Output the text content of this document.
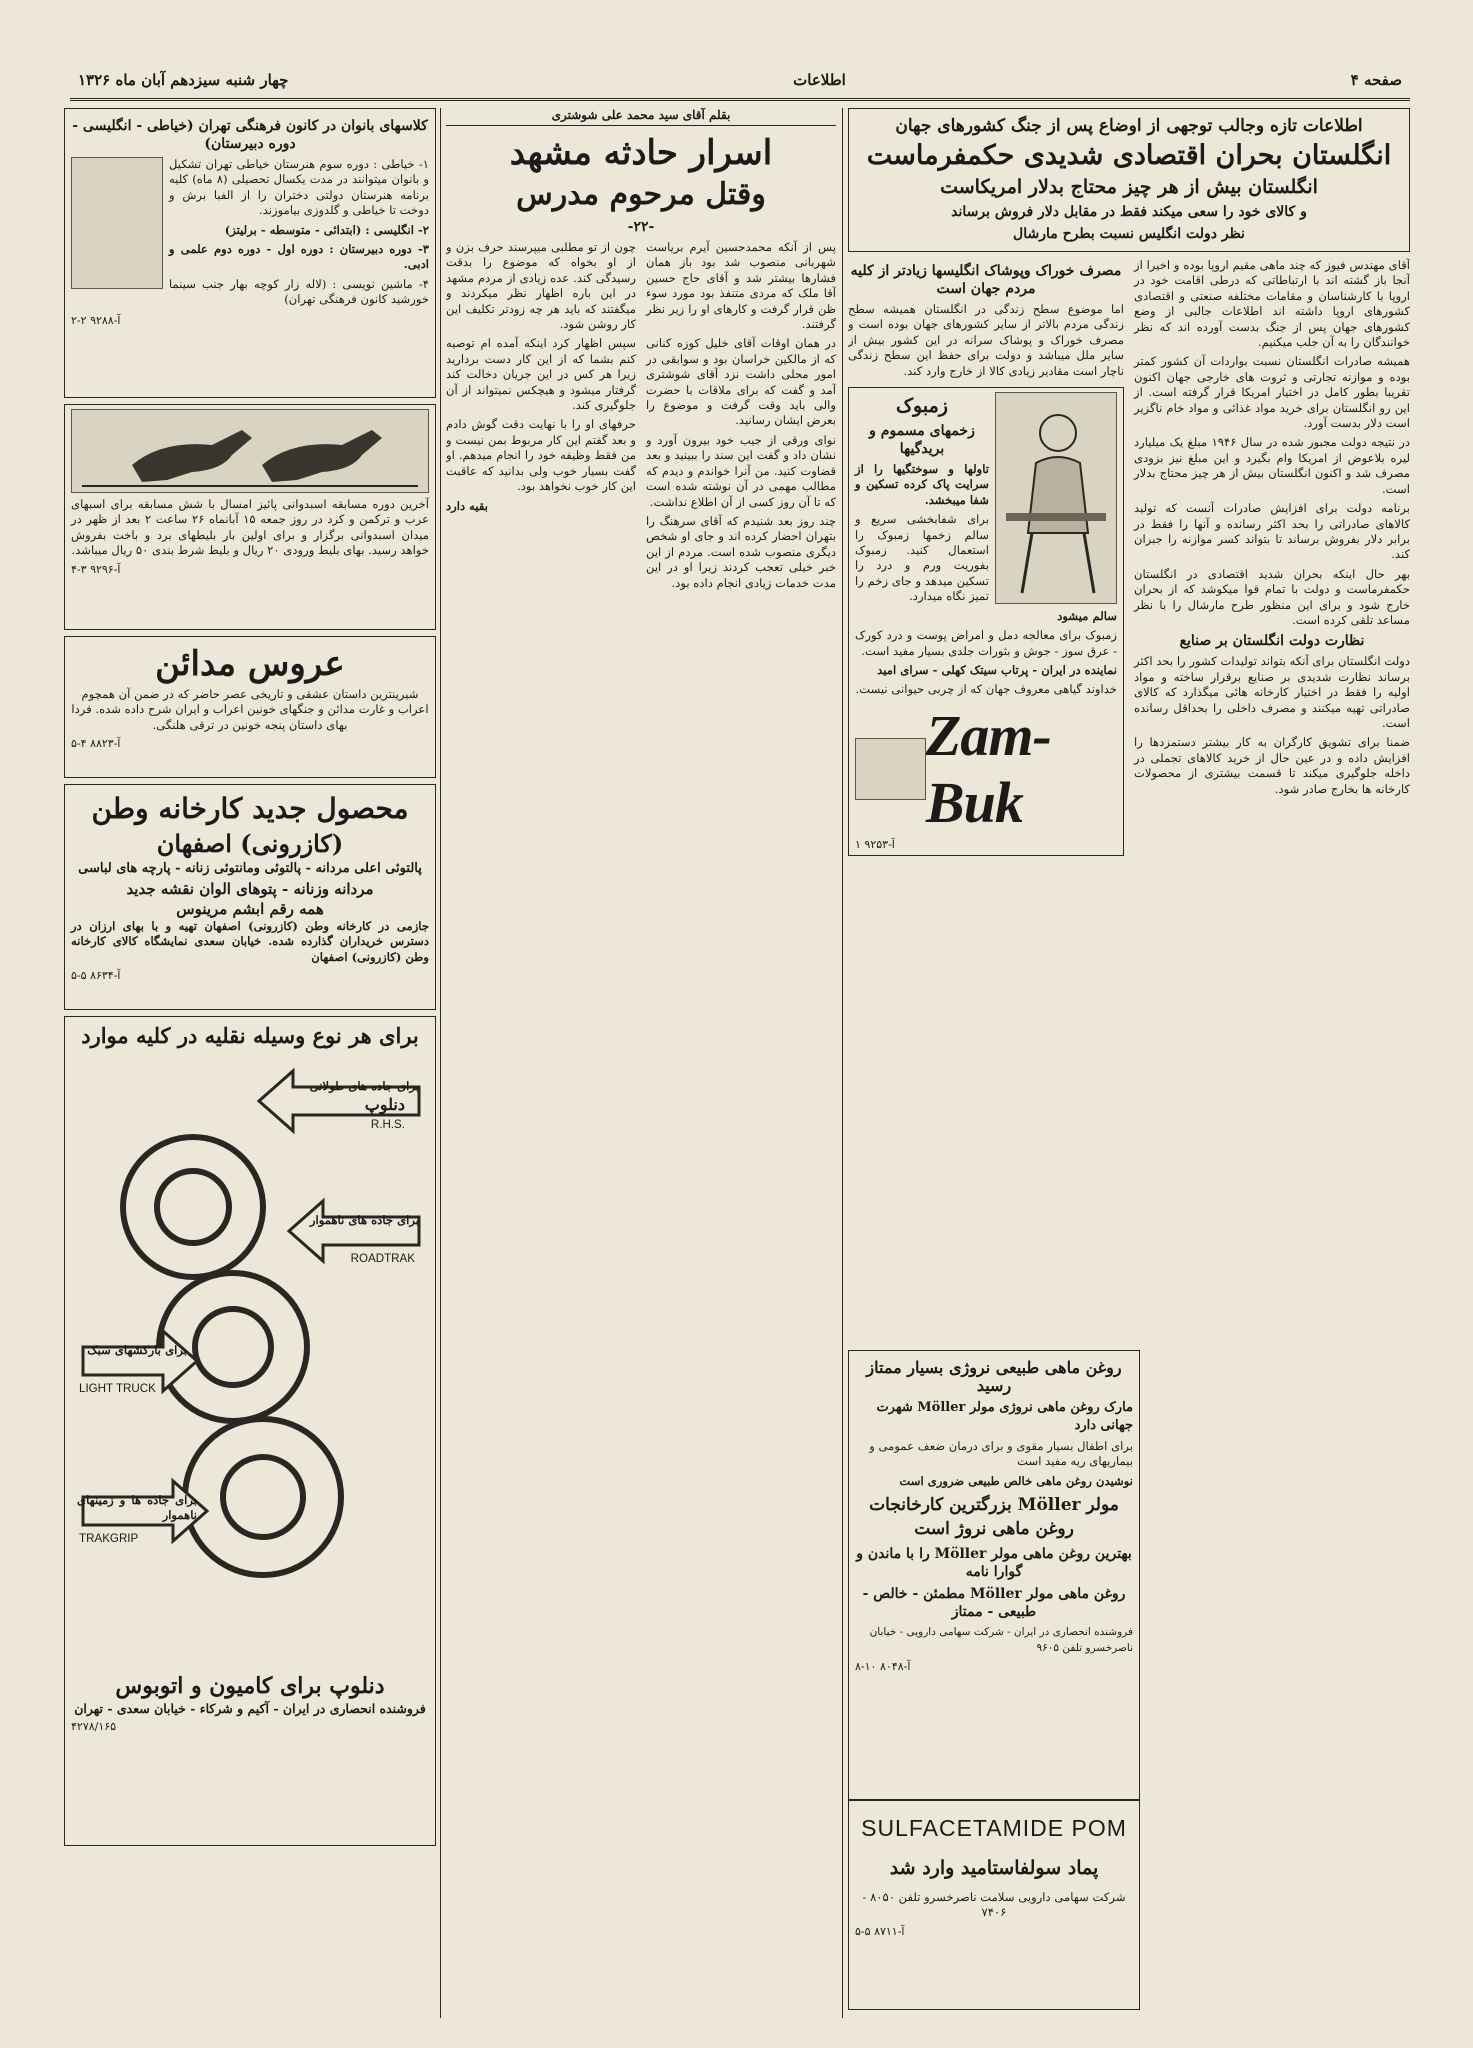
صفحه ۴
اطلاعات
چهار شنبه سیزدهم آبان ماه ۱۳۲۶
اطلاعات تازه وجالب توجهی از اوضاع پس از جنگ کشورهای جهان
انگلستان بحران اقتصادی شدیدی حکمفرماست
انگلستان بیش از هر چیز محتاج بدلار امریکاست
و کالای خود را سعی میکند فقط در مقابل دلار فروش برساند
نظر دولت انگلیس نسبت بطرح مارشال

آقای مهندس فیوز که چند ماهی مقیم اروپا بوده و اخیرا از آنجا باز گشته اند با ارتباطاتی که درطی اقامت خود در اروپا با کارشناسان و مقامات مختلفه صنعتی و اقتصادی کشورهای اروپا داشته اند اطلاعات جالبی از وضع کشورهای جهان پس از جنگ بدست آورده اند که نظر خوانندگان را به آن جلب میکنیم.

همیشه صادرات انگلستان نسبت بواردات آن کشور کمتر بوده و موازنه تجارتی و ثروت های خارجی جهان اکنون تقریبا بطور کامل در اختیار امریکا قرار گرفته است. از این رو انگلستان برای خرید مواد غذائی و مواد خام ناگزیر است دلار بدست آورد.

در نتیجه دولت مجبور شده در سال ۱۹۴۶ مبلغ یک میلیارد لیره بلاعوض از امریکا وام بگیرد و این مبلغ نیز بزودی مصرف شد و اکنون انگلستان بیش از هر چیز محتاج بدلار است.

برنامه دولت برای افزایش صادرات آنست که تولید کالاهای صادراتی را بحد اکثر رسانده و آنها را فقط در برابر دلار بفروش برساند تا بتواند کسر موازنه را جبران کند.

بهر حال اینکه بحران شدید اقتصادی در انگلستان حکمفرماست و دولت با تمام قوا میکوشد که از بحران خارج شود و برای این منظور طرح مارشال را با نظر مساعد تلقی کرده است.

نظارت دولت انگلستان بر صنایع

دولت انگلستان برای آنکه بتواند تولیدات کشور را بحد اکثر برساند نظارت شدیدی بر صنایع برقرار ساخته و مواد اولیه را فقط در اختیار کارخانه هائی میگذارد که کالای صادراتی تهیه میکنند و مصرف داخلی را بحداقل رسانده است.

ضمنا برای تشویق کارگران به کار بیشتر دستمزدها را افزایش داده و در عین حال از خرید کالاهای تجملی در داخله جلوگیری میکند تا قسمت بیشتری از محصولات کارخانه ها بخارج صادر شود.

مصرف خوراک وپوشاک انگلیسها زیادتر از کلیه مردم جهان است

اما موضوع سطح زندگی در انگلستان همیشه سطح زندگی مردم بالاتر از سایر کشورهای جهان بوده است و مصرف خوراک و پوشاک سرانه در این کشور بیش از سایر ملل میباشد و دولت برای حفظ این سطح زندگی ناچار است مقادیر زیادی کالا از خارج وارد کند.

زمبوک
زخمهای مسموم و بریدگیها

تاولها و سوختگیها را از سرایت پاک کرده تسکین و شفا میبخشد.

برای شفابخشی سریع و سالم زخمها زمبوک را استعمال کنید. زمبوک بفوریت ورم و درد را تسکین میدهد و جای زخم را تمیز نگاه میدارد.

سالم میشود

زمبوک برای معالجه دمل و امراض پوست و درد کورک - عرق سوز - جوش و بثورات جلدی بسیار مفید است.

نماینده در ایران - پرتاب سیتک کهلی - سرای امید

خداوند گیاهی معروف جهان که از چربی حیوانی نیست.

Zam-Buk
آ-۹۲۵۳ ۱
روغن ماهی طبیعی نروژی بسیار ممتاز رسید

مارک روغن ماهی نروژی مولر Möller شهرت جهانی دارد

برای اطفال بسیار مقوی و برای درمان ضعف عمومی و بیماریهای ریه مفید است

نوشیدن روغن ماهی خالص طبیعی ضروری است

مولر Möller بزرگترین کارخانجات روغن ماهی نروژ است
بهترین روغن ماهی مولر Möller را با ماندن و گوارا نامه
روغن ماهی مولر Möller مطمئن - خالص - طبیعی - ممتاز

فروشنده انحصاری در ایران - شرکت سهامی دارویی - خیابان ناصرخسرو تلفن ۹۶۰۵

آ-۸۰۴۸ ۱۰-۸
SULFACETAMIDE POM
پماد سولفاستامید وارد شد

شرکت سهامی دارویی سلامت ناصرخسرو تلفن ۸۰۵۰ - ۷۴۰۶

آ-۸۷۱۱ ۵-۵
بقلم آقای سید محمد علی شوشتری
اسرار حادثه مشهد
وقتل مرحوم مدرس
-۲۲-

پس از آنکه محمدحسین آیرم بریاست شهربانی منصوب شد بود باز همان فشارها بیشتر شد و آقای حاج حسین آقا ملک که مردی متنفذ بود مورد سوء ظن قرار گرفت و کارهای او را زیر نظر گرفتند.

در همان اوقات آقای خلیل کوزه کنانی که از مالکین خراسان بود و سوابقی در امور محلی داشت نزد آقای شوشتری آمد و گفت که برای ملاقات با حضرت والی باید وقت گرفت و موضوع را بعرض ایشان رسانید.

نوای ورقی از جیب خود بیرون آورد و نشان داد و گفت این سند را ببینید و بعد قضاوت کنید. من آنرا خواندم و دیدم که مطالب مهمی در آن نوشته شده است که تا آن روز کسی از آن اطلاع نداشت.

چند روز بعد شنیدم که آقای سرهنگ را بتهران احضار کرده اند و جای او شخص دیگری منصوب شده است. مردم از این خبر خیلی تعجب کردند زیرا او در این مدت خدمات زیادی انجام داده بود.

چون از تو مطلبی میپرسند حرف بزن و از او بخواه که موضوع را بدقت رسیدگی کند. عده زیادی از مردم مشهد در این باره اظهار نظر میکردند و میگفتند که باید هر چه زودتر تکلیف این کار روشن شود.

سپس اظهار کرد اینکه آمده ام توصیه کنم بشما که از این کار دست بردارید زیرا هر کس در این جریان دخالت کند گرفتار میشود و هیچکس نمیتواند از آن جلوگیری کند.

حرفهای او را با نهایت دقت گوش دادم و بعد گفتم این کار مربوط بمن نیست و من فقط وظیفه خود را انجام میدهم. او گفت بسیار خوب ولی بدانید که عاقبت این کار خوب نخواهد بود.

بقیه دارد

کلاسهای بانوان در کانون فرهنگی تهران (خیاطی - انگلیسی - دوره دبیرستان)

۱- خیاطی : دوره سوم هنرستان خیاطی تهران تشکیل و بانوان میتوانند در مدت یکسال تحصیلی (۸ ماه) کلیه برنامه هنرستان دولتی دختران را از الفبا برش و دوخت تا خیاطی و گلدوزی بیاموزند.

۲- انگلیسی : (ابتدائی - متوسطه - برلیتز)

۳- دوره دبیرستان : دوره اول - دوره دوم علمی و ادبی.

۴- ماشین نویسی : (لاله زار کوچه بهار جنب سینما خورشید کانون فرهنگی تهران)

آ-۹۲۸۸ ۲-۲

آخرین دوره مسابقه اسبدوانی پائیز امسال با شش مسابقه برای اسبهای عرب و ترکمن و کرد در روز جمعه ۱۵ آبانماه ۲۶ ساعت ۲ بعد از ظهر در میدان اسبدوانی برگزار و برای اولین بار بلیطهای برد و باخت بفروش خواهد رسید. بهای بلیط ورودی ۲۰ ریال و بلیط شرط بندی ۵۰ ریال میباشد.

آ-۹۲۹۶ ۳-۴
عروس مدائن

شیرینترین داستان عشقی و تاریخی عصر حاضر که در ضمن آن همچوم اعراب و غارت مدائن و جنگهای خونین اعراب و ایران شرح داده شده. فردا بهای داستان پنجه خونین در ترقی هلنگی.

آ-۸۸۲۳ ۴-۵
محصول جدید کارخانه وطن
(کازرونی) اصفهان
پالتوئی اعلی مردانه - پالتوئی ومانتوئی زنانه - پارچه های لباسی
مردانه وزنانه - پتوهای الوان نقشه جدید
همه رقم ابشم مرینوس

جازمی در کارخانه وطن (کازرونی) اصفهان تهیه و با بهای ارزان در دسترس خریداران گذارده شده. خیابان سعدی نمایشگاه کالای کارخانه وطن (کازرونی) اصفهان

آ-۸۶۳۴ ۵-۵
برای هر نوع وسیله نقلیه در کلیه موارد
برای جاده های طولانی
دنلوپ
R.H.S.
برای جاده های ناهموار
ROADTRAK
برای بارکشهای سبک
LIGHT TRUCK
برای جاده ها و زمینهای ناهموار
TRAKGRIP
دنلوپ برای کامیون و اتوبوس

فروشنده انحصاری در ایران - آکیم و شرکاء - خیابان سعدی - تهران

۴۲۷۸/۱۶۵
